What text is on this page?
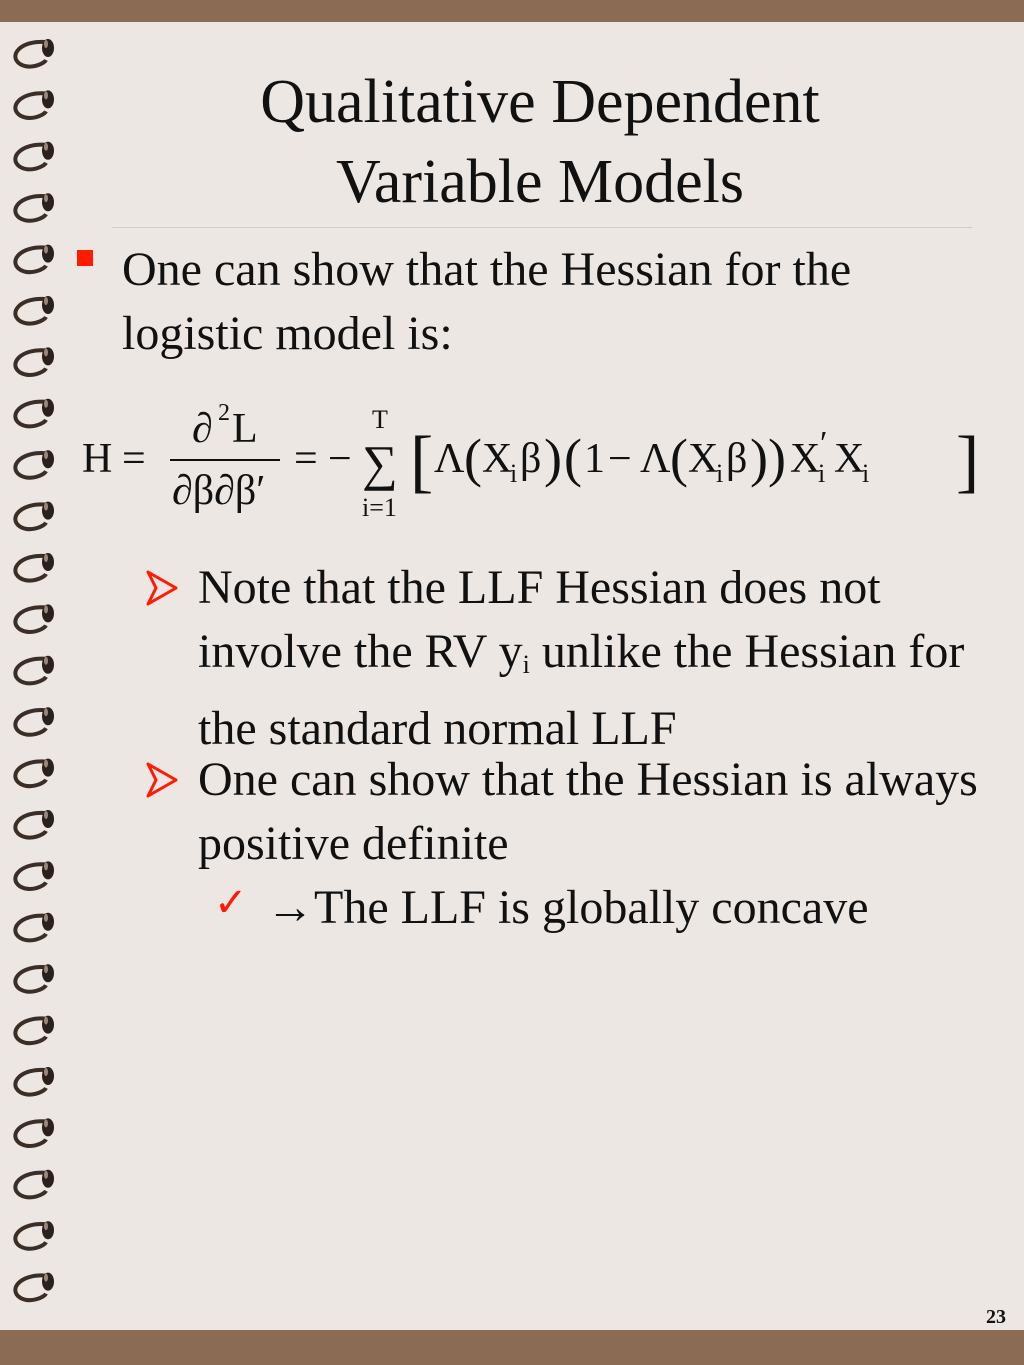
Qualitative Dependent
Variable Models
One can show that the Hessian for the logistic model is:
H =
∂ 2 L
∂β∂β′
= −
T
∑
i=1
[ Λ ( X
i β ) ( 1 − Λ ( X
i β ) ) X ′
i X
i ]
Note that the LLF Hessian does not involve the RV $y_i$ unlike the Hessian for the standard normal LLF
One can show that the Hessian is always positive definite
✓ →The LLF is globally concave
23
